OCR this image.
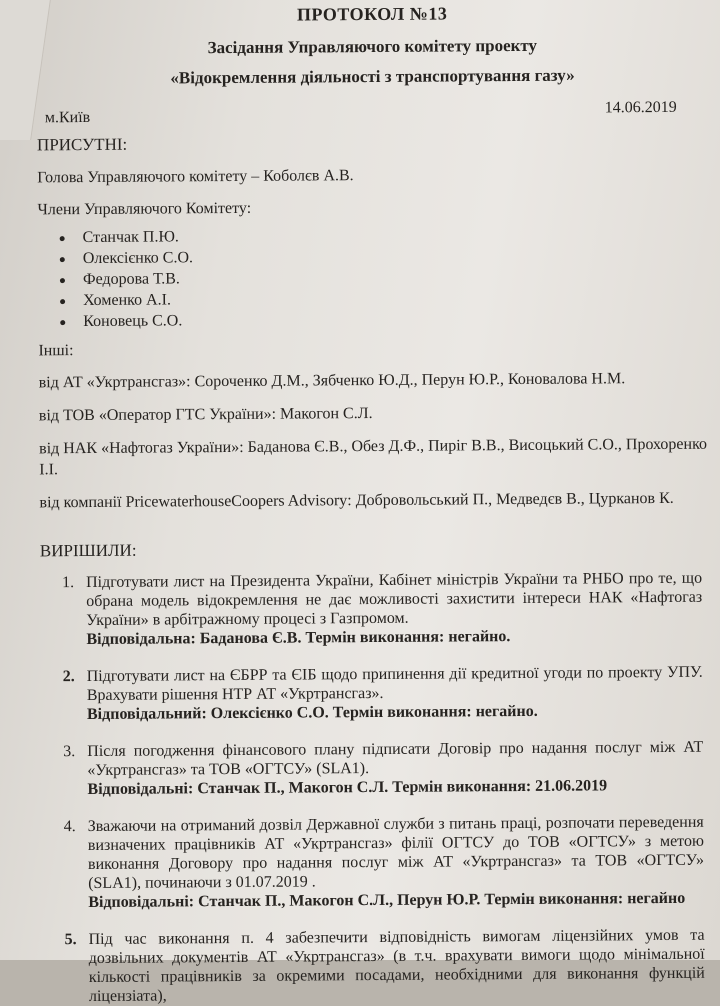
ПРОТОКОЛ №13
Засідання Управляючого комітету проекту
«Відокремлення діяльності з транспортування газу»
м.Київ
14.06.2019
ПРИСУТНІ:
Голова Управляючого комітету – Коболєв А.В.
Члени Управляючого Комітету:
Станчак П.Ю.
Олексієнко С.О.
Федорова Т.В.
Хоменко А.І.
Коновець С.О.
Інші:
від АТ «Укртрансгаз»: Сороченко Д.М., Зябченко Ю.Д., Перун Ю.Р., Коновалова Н.М.
від ТОВ «Оператор ГТС України»: Макогон С.Л.
від НАК «Нафтогаз України»: Баданова Є.В., Обез Д.Ф., Пиріг В.В., Висоцький С.О., Прохоренко І.І.
від компанії PricewaterhouseCoopers Advisory: Добровольський П., Медведєв В., Цурканов К.
ВИРІШИЛИ:
1. Підготувати лист на Президента України, Кабінет міністрів України та РНБО про те, що обрана модель відокремлення не дає можливості захистити інтереси НАК «Нафтогаз України» в арбітражному процесі з Газпромом.
Відповідальна: Баданова Є.В. Термін виконання: негайно.
2. Підготувати лист на ЄБРР та ЄІБ щодо припинення дії кредитної угоди по проекту УПУ. Врахувати рішення НТР АТ «Укртрансгаз».
Відповідальний: Олексієнко С.О. Термін виконання: негайно.
3. Після погодження фінансового плану підписати Договір про надання послуг між АТ «Укртрансгаз» та ТОВ «ОГТСУ» (SLA1).
Відповідальні: Станчак П., Макогон С.Л. Термін виконання: 21.06.2019
4. Зважаючи на отриманий дозвіл Державної служби з питань праці, розпочати переведення визначених працівників АТ «Укртрансгаз» філії ОГТСУ до ТОВ «ОГТСУ» з метою виконання Договору про надання послуг між АТ «Укртрансгаз» та ТОВ «ОГТСУ» (SLA1), починаючи з 01.07.2019 .
Відповідальні: Станчак П., Макогон С.Л., Перун Ю.Р. Термін виконання: негайно
5. Під час виконання п. 4 забезпечити відповідність вимогам ліцензійних умов та дозвільних документів АТ «Укртрансгаз» (в т.ч. врахувати вимоги щодо мінімальної кількості працівників за окремими посадами, необхідними для виконання функцій ліцензіата),
